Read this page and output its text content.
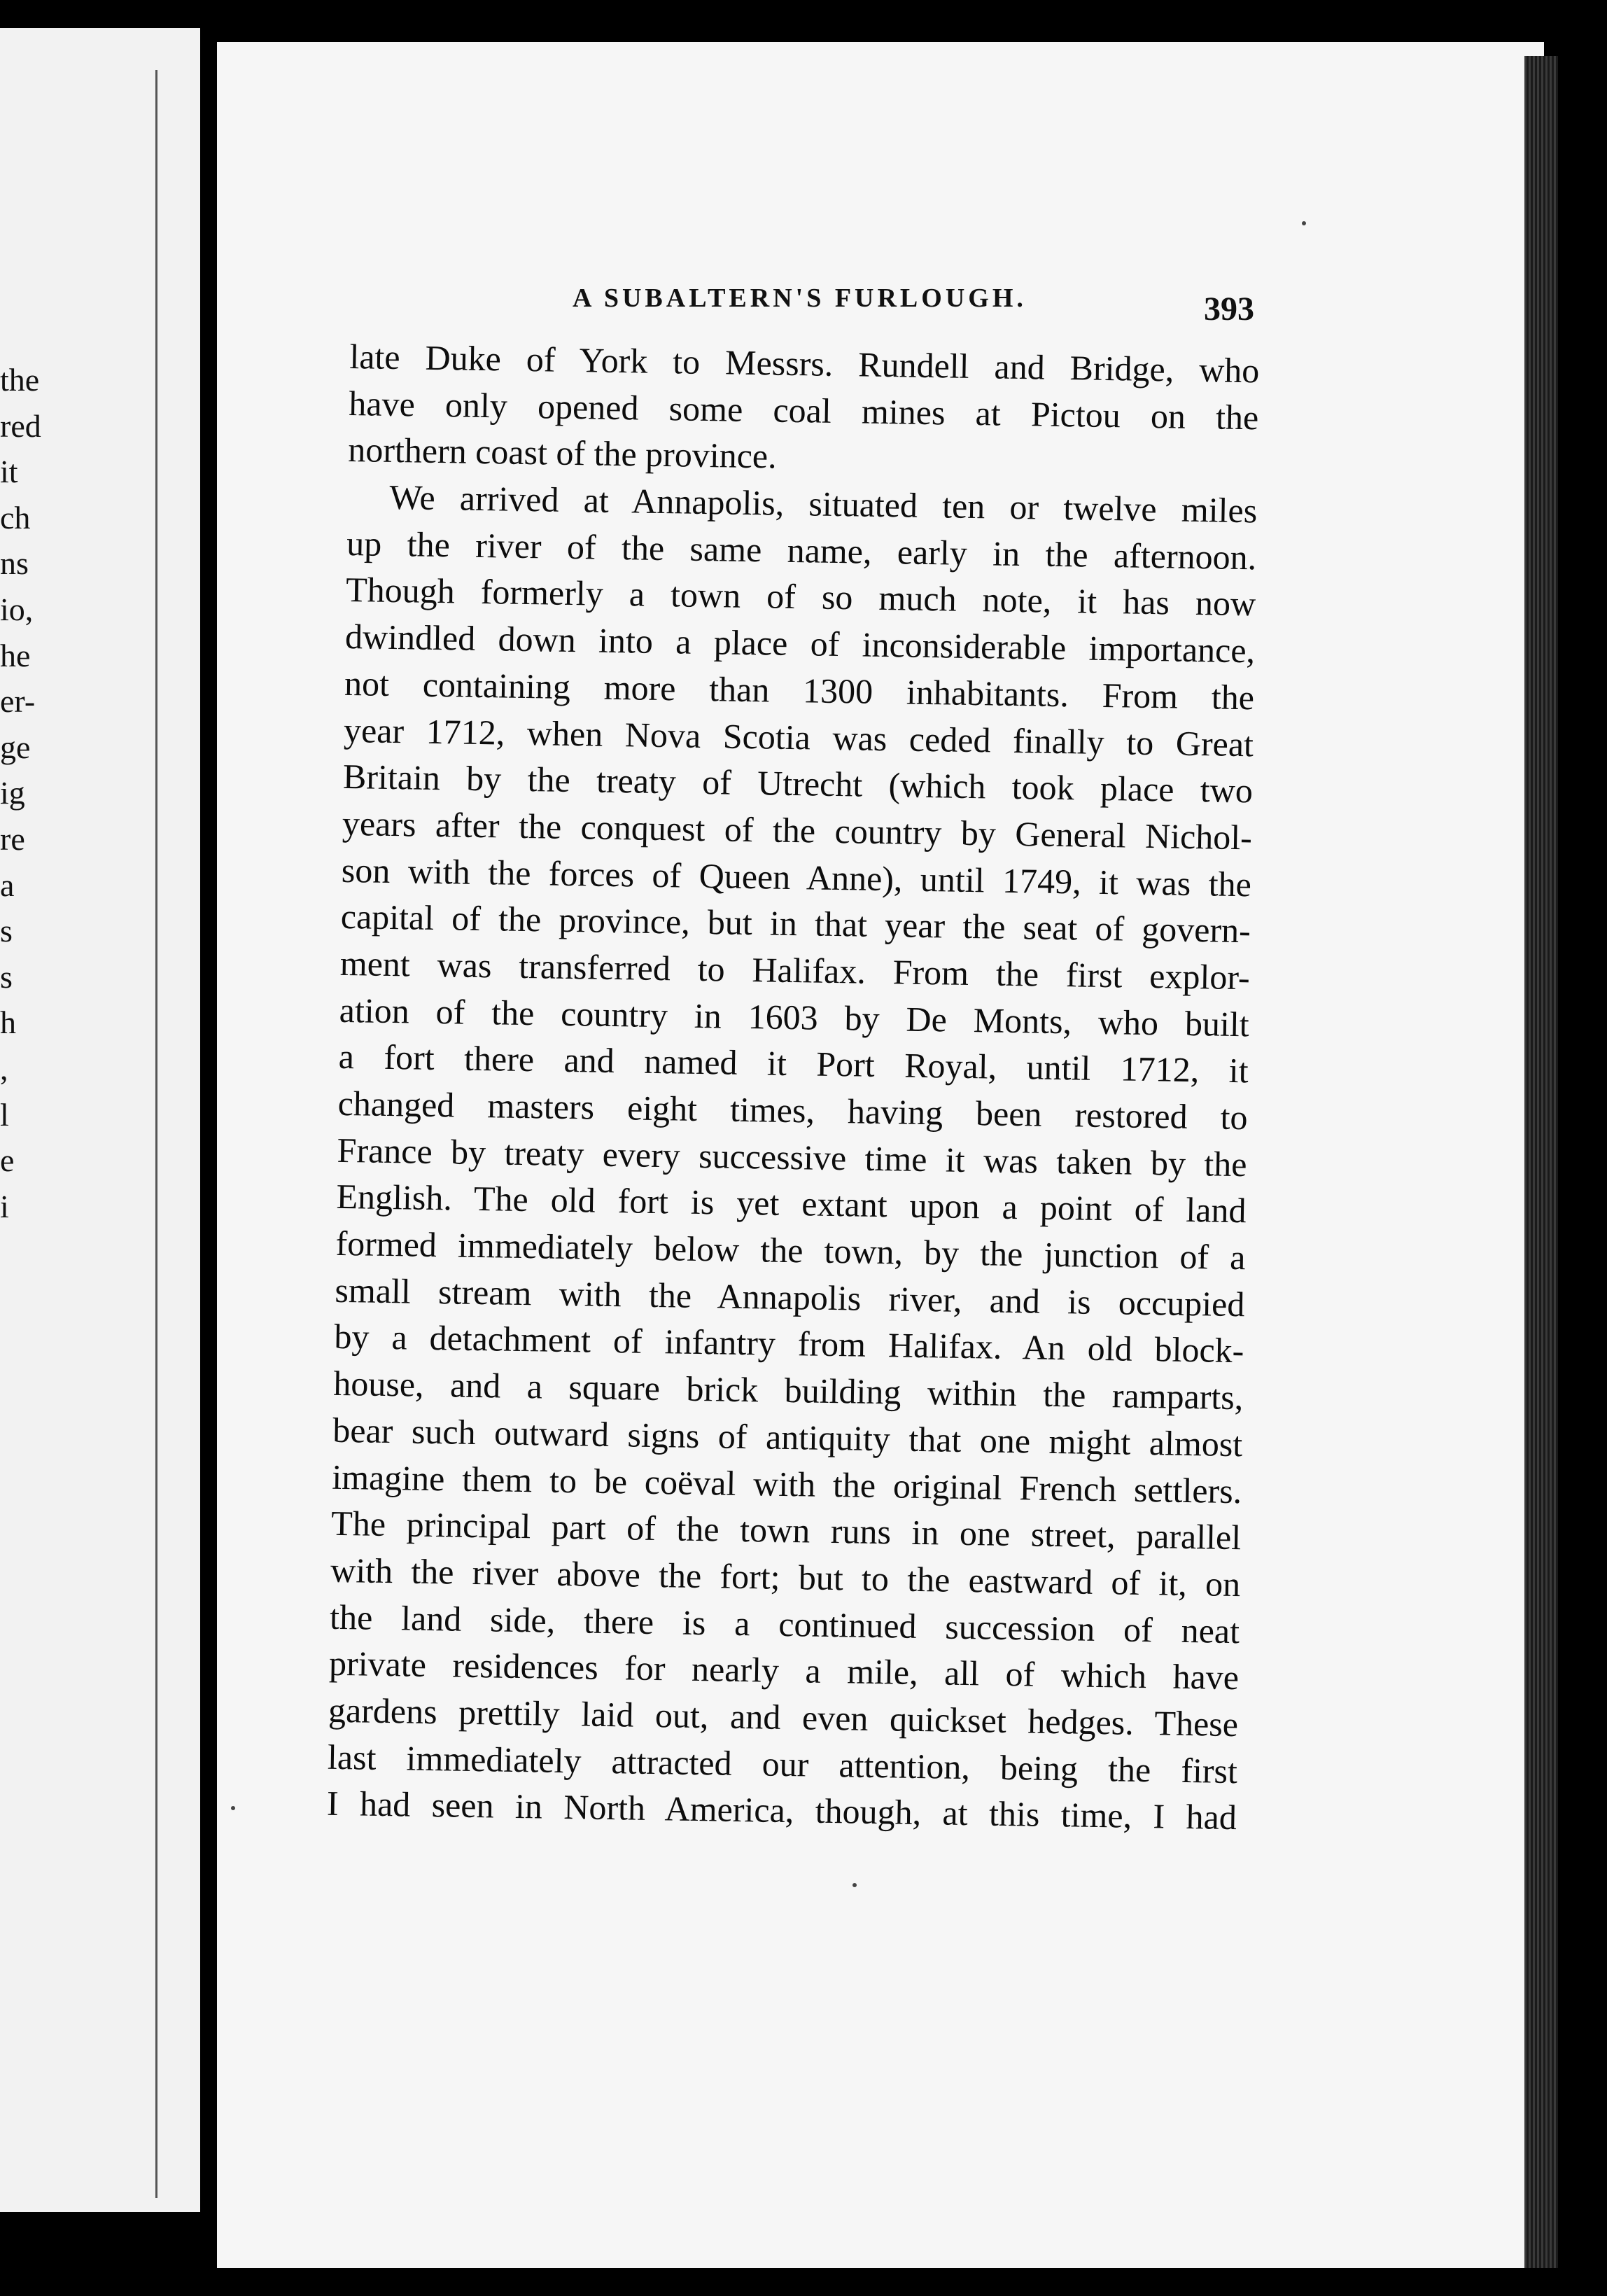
the
red
it
ch
ns
io,
he
er-
ge
ig
re
a
s
s
h
,
l
e
i
A SUBALTERN'S FURLOUGH.	393
late Duke of York to Messrs. Rundell and Bridge, who
have only opened some coal mines at Pictou on the
northern coast of the province.
We arrived at Annapolis, situated ten or twelve miles
up the river of the same name, early in the afternoon.
Though formerly a town of so much note, it has now
dwindled down into a place of inconsiderable importance,
not containing more than 1300 inhabitants. From the
year 1712, when Nova Scotia was ceded finally to Great
Britain by the treaty of Utrecht (which took place two
years after the conquest of the country by General Nichol-
son with the forces of Queen Anne), until 1749, it was the
capital of the province, but in that year the seat of govern-
ment was transferred to Halifax. From the first explor-
ation of the country in 1603 by De Monts, who built
a fort there and named it Port Royal, until 1712, it
changed masters eight times, having been restored to
France by treaty every successive time it was taken by the
English. The old fort is yet extant upon a point of land
formed immediately below the town, by the junction of a
small stream with the Annapolis river, and is occupied
by a detachment of infantry from Halifax. An old block-
house, and a square brick building within the ramparts,
bear such outward signs of antiquity that one might almost
imagine them to be coëval with the original French settlers.
The principal part of the town runs in one street, parallel
with the river above the fort; but to the eastward of it, on
the land side, there is a continued succession of neat
private residences for nearly a mile, all of which have
gardens prettily laid out, and even quickset hedges. These
last immediately attracted our attention, being the first
I had seen in North America, though, at this time, I had
